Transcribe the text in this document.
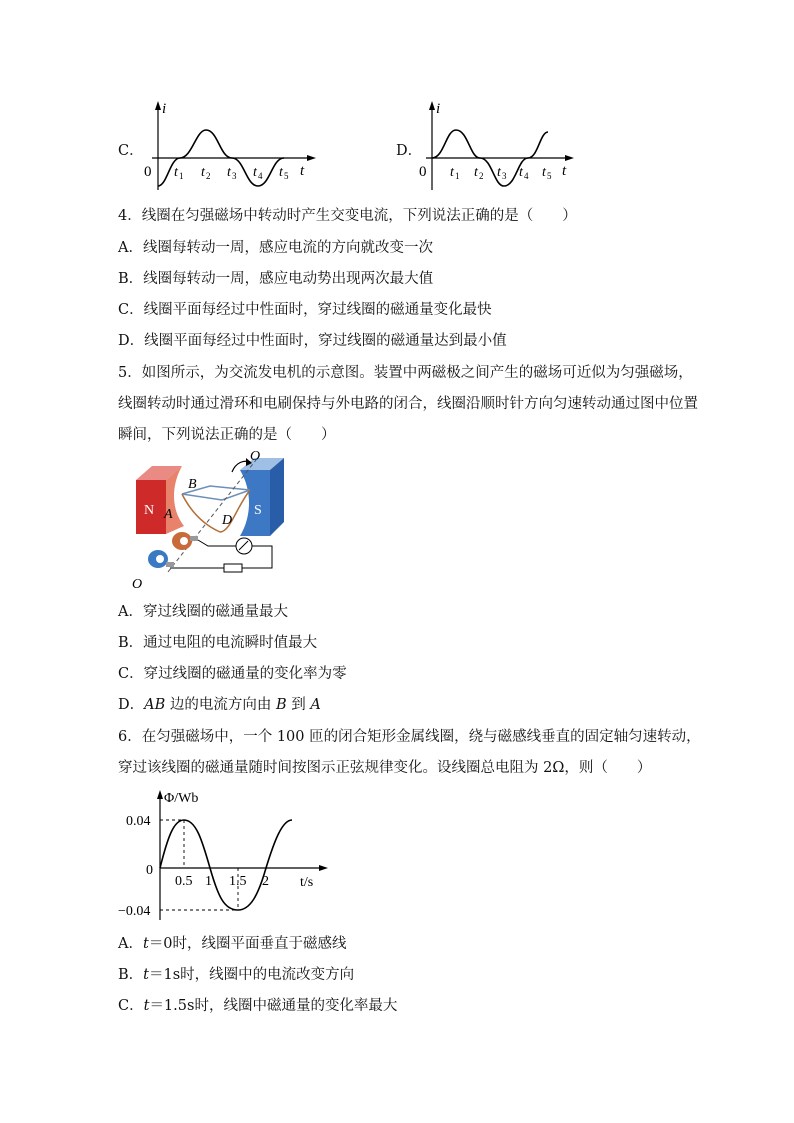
C．
i
t
0 t t t t t
1	2 3 4 5
D．
i
t
0 t t t t t
1 2 3 4 5
4．线圈在匀强磁场中转动时产生交变电流，下列说法正确的是（　　）
A．线圈每转动一周，感应电流的方向就改变一次
B．线圈每转动一周，感应电动势出现两次最大值
C．线圈平面每经过中性面时，穿过线圈的磁通量变化最快
D．线圈平面每经过中性面时，穿过线圈的磁通量达到最小值
5．如图所示，为交流发电机的示意图。装置中两磁极之间产生的磁场可近似为匀强磁场，
线圈转动时通过滑环和电刷保持与外电路的闭合，线圈沿顺时针方向匀速转动通过图中位置
瞬间，下列说法正确的是（　　）
N	S
A
B
D
O
O
A．穿过线圈的磁通量最大
B．通过电阻的电流瞬时值最大
C．穿过线圈的磁通量的变化率为零
D．AB 边的电流方向由 B 到 A
6．在匀强磁场中，一个 100 匝的闭合矩形金属线圈，绕与磁感线垂直的固定轴匀速转动，
穿过该线圈的磁通量随时间按图示正弦规律变化。设线圈总电阻为 2Ω，则（　　）
Φ/Wb
t/s
0
0.04
−0.04
0.5 1 1.5 2
A．t＝0时，线圈平面垂直于磁感线
B．t＝1s时，线圈中的电流改变方向
C．t＝1.5s时，线圈中磁通量的变化率最大
